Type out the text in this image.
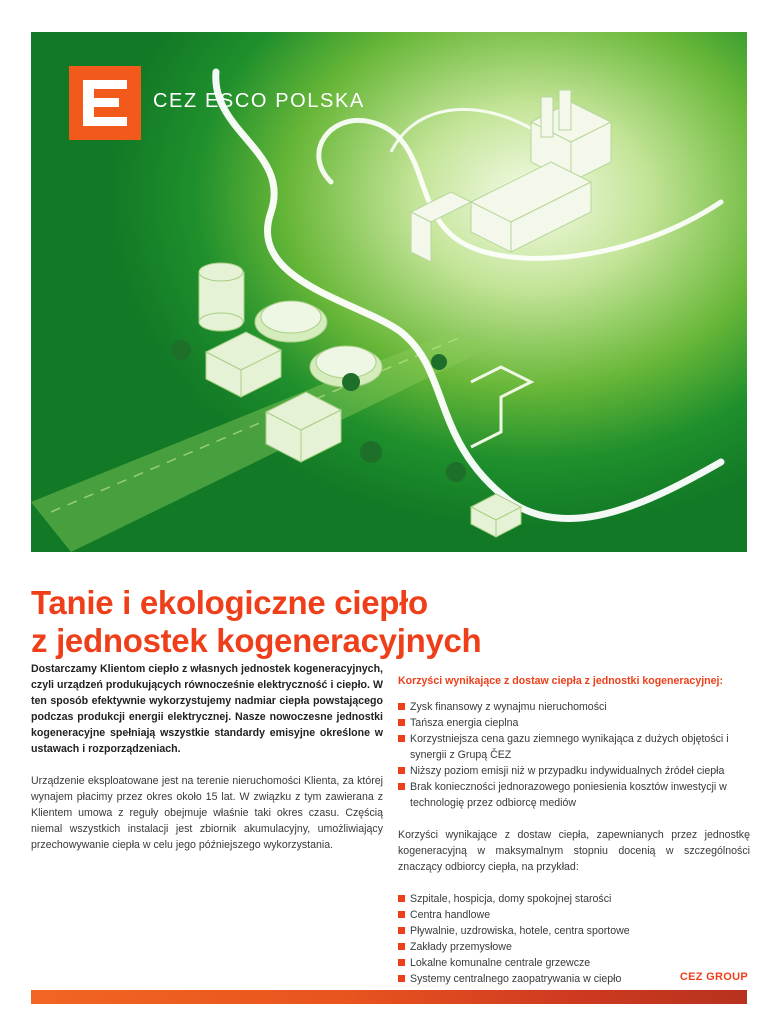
CEZ ESCO POLSKA
Tanie i ekologiczne ciepło
z jednostek kogeneracyjnych

Dostarczamy Klientom ciepło z własnych jednostek kogeneracyjnych, czyli urządzeń produkujących równocześnie elektryczność i ciepło. W ten sposób efektywnie wykorzystujemy nadmiar ciepła powstającego podczas produkcji energii elektrycznej. Nasze nowoczesne jednostki kogeneracyjne spełniają wszystkie standardy emisyjne określone w ustawach i rozporządzeniach.

Urządzenie eksploatowane jest na terenie nieruchomości Klienta, za której wynajem płacimy przez okres około 15 lat. W związku z tym zawierana z Klientem umowa z reguły obejmuje właśnie taki okres czasu. Częścią niemal wszystkich instalacji jest zbiornik akumulacyjny, umożliwiający przechowywanie ciepła w celu jego późniejszego wykorzystania.

Korzyści wynikające z dostaw ciepła z jednostki kogeneracyjnej:
Zysk finansowy z wynajmu nieruchomości
Tańsza energia cieplna
Korzystniejsza cena gazu ziemnego wynikająca z dużych objętości i synergii z Grupą ČEZ
Niższy poziom emisji niż w przypadku indywidualnych źródeł ciepła
Brak konieczności jednorazowego poniesienia kosztów inwestycji w technologię przez odbiorcę mediów

Korzyści wynikające z dostaw ciepła, zapewnianych przez jednostkę kogeneracyjną w maksymalnym stopniu docenią w szczególności znaczący odbiorcy ciepła, na przykład:

Szpitale, hospicja, domy spokojnej starości
Centra handlowe
Pływalnie, uzdrowiska, hotele, centra sportowe
Zakłady przemysłowe
Lokalne komunalne centrale grzewcze
Systemy centralnego zaopatrywania w ciepło	CEZ GROUP
